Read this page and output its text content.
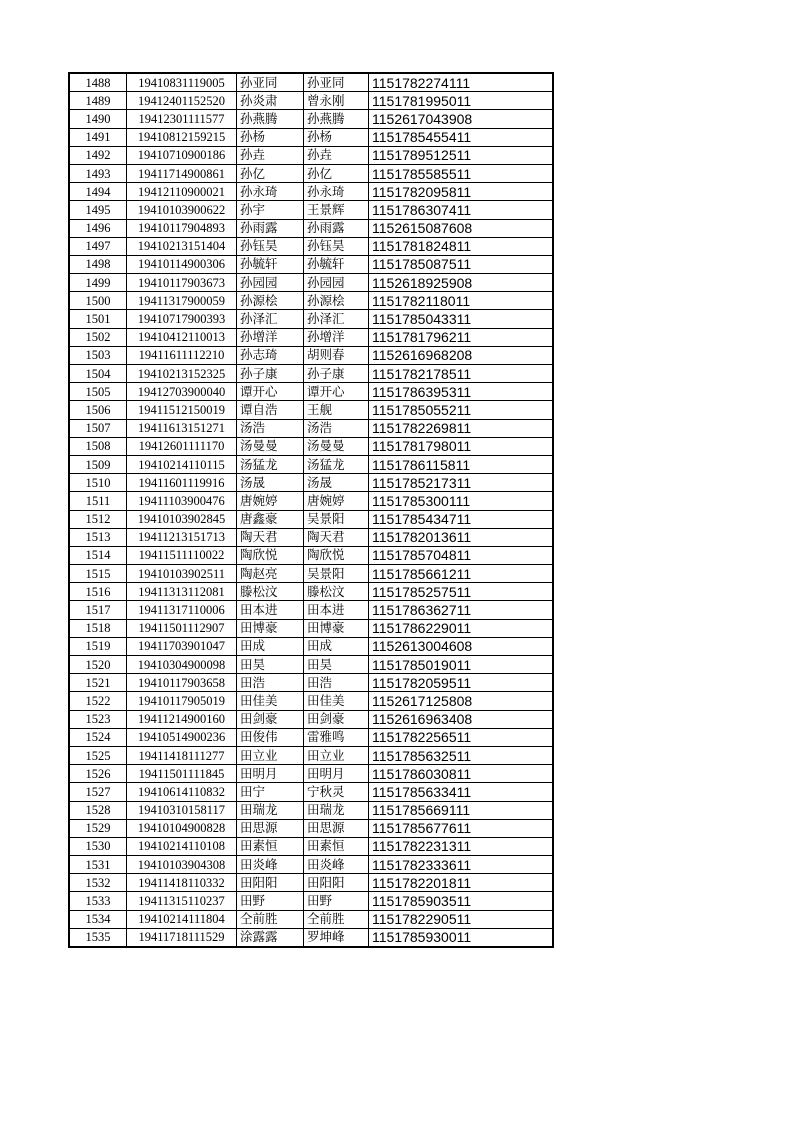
1488	19410831119005	孙亚同	孙亚同	1151782274111
1489	19412401152520	孙炎肃	曾永刚	1151781995011
1490	19412301111577	孙燕腾	孙燕腾	1152617043908
1491	19410812159215	孙杨	孙杨	1151785455411
1492	19410710900186	孙垚	孙垚	1151789512511
1493	19411714900861	孙亿	孙亿	1151785585511
1494	19412110900021	孙永琦	孙永琦	1151782095811
1495	19410103900622	孙宇	王景辉	1151786307411
1496	19410117904893	孙雨露	孙雨露	1152615087608
1497	19410213151404	孙钰昊	孙钰昊	1151781824811
1498	19410114900306	孙毓轩	孙毓轩	1151785087511
1499	19410117903673	孙园园	孙园园	1152618925908
1500	19411317900059	孙源桧	孙源桧	1151782118011
1501	19410717900393	孙泽汇	孙泽汇	1151785043311
1502	19410412110013	孙增洋	孙增洋	1151781796211
1503	19411611112210	孙志琦	胡则春	1152616968208
1504	19410213152325	孙子康	孙子康	1151782178511
1505	19412703900040	谭开心	谭开心	1151786395311
1506	19411512150019	谭自浩	王舰	1151785055211
1507	19411613151271	汤浩	汤浩	1151782269811
1508	19412601111170	汤曼曼	汤曼曼	1151781798011
1509	19410214110115	汤猛龙	汤猛龙	1151786115811
1510	19411601119916	汤晟	汤晟	1151785217311
1511	19411103900476	唐婉婷	唐婉婷	1151785300111
1512	19410103902845	唐鑫豪	吴景阳	1151785434711
1513	19411213151713	陶天君	陶天君	1151782013611
1514	19411511110022	陶欣悦	陶欣悦	1151785704811
1515	19410103902511	陶赵亮	吴景阳	1151785661211
1516	19411313112081	滕松汶	滕松汶	1151785257511
1517	19411317110006	田本进	田本进	1151786362711
1518	19411501112907	田博豪	田博豪	1151786229011
1519	19411703901047	田成	田成	1152613004608
1520	19410304900098	田昊	田昊	1151785019011
1521	19410117903658	田浩	田浩	1151782059511
1522	19410117905019	田佳美	田佳美	1152617125808
1523	19411214900160	田剑豪	田剑豪	1152616963408
1524	19410514900236	田俊伟	雷雅鸣	1151782256511
1525	19411418111277	田立业	田立业	1151785632511
1526	19411501111845	田明月	田明月	1151786030811
1527	19410614110832	田宁	宁秋灵	1151785633411
1528	19410310158117	田瑞龙	田瑞龙	1151785669111
1529	19410104900828	田思源	田思源	1151785677611
1530	19410214110108	田素恒	田素恒	1151782231311
1531	19410103904308	田炎峰	田炎峰	1151782333611
1532	19411418110332	田阳阳	田阳阳	1151782201811
1533	19411315110237	田野	田野	1151785903511
1534	19410214111804	仝前胜	仝前胜	1151782290511
1535	19411718111529	涂露露	罗坤峰	1151785930011
